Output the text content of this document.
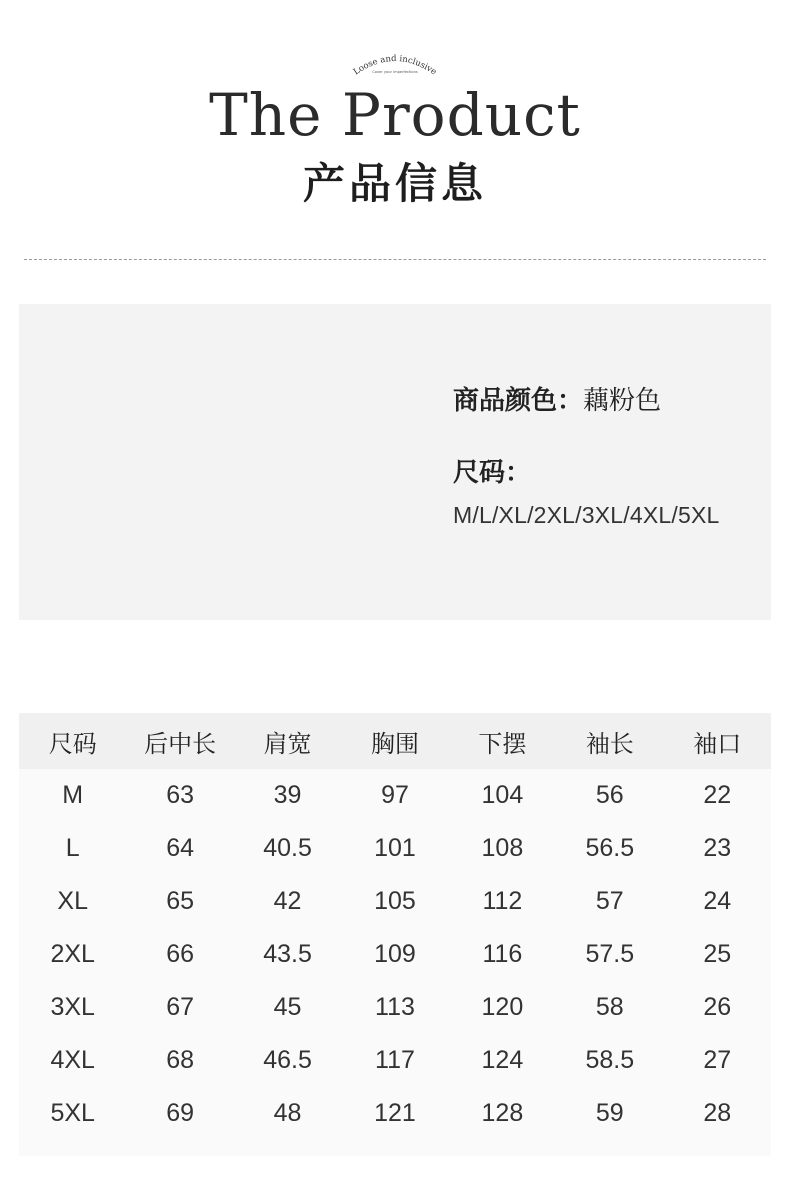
Loose and inclusive
Cover your imperfections
The Product
产品信息
商品颜色：藕粉色
尺码：
M/L/XL/2XL/3XL/4XL/5XL
尺码	后中长	肩宽	胸围	下摆	袖长	袖口
M	63	39	97	104	56	22
L	64	40.5	101	108	56.5	23
XL	65	42	105	112	57	24
2XL	66	43.5	109	116	57.5	25
3XL	67	45	113	120	58	26
4XL	68	46.5	117	124	58.5	27
5XL	69	48	121	128	59	28
